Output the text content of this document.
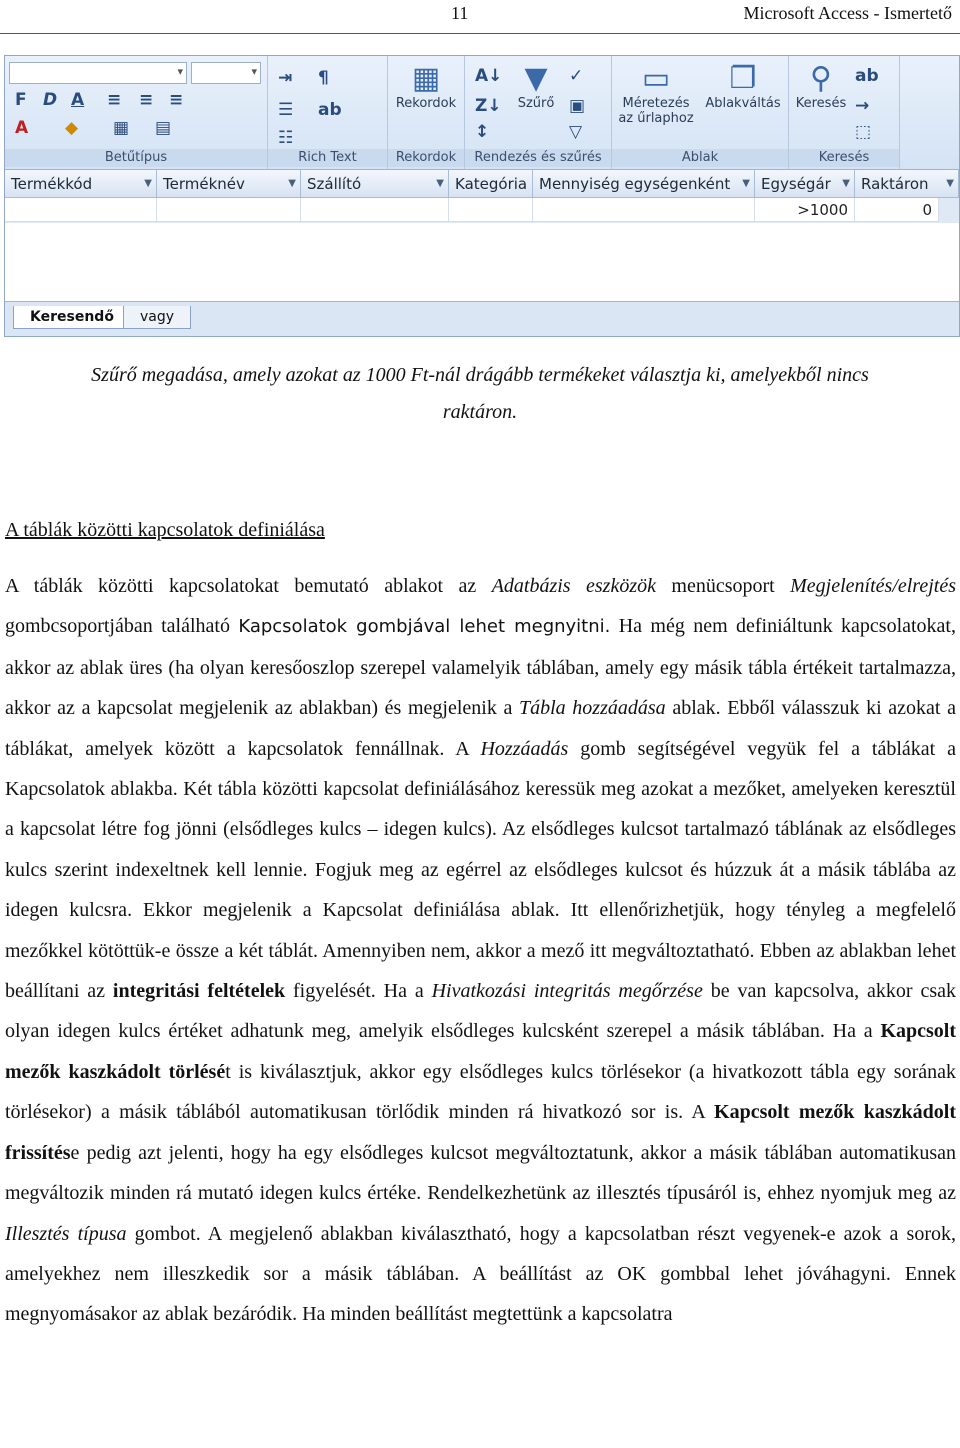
11	Microsoft Access - Ismertető
▾
▾
F D A ≡ ≡ ≡
A ◆ ▦ ▤
Betűtípus
⇥ ¶
☰ ab
☷
Rich Text
▦
Rekordok
Rekordok
A↓
Z↓
↕
▼
Szűrő
✓
▣
▽
Rendezés és szűrés
▭
Méretezés az űrlaphoz
❐
Ablakváltás
Ablak
⚲
Keresés
ab
→
⬚
Keresés
Termékkód	▼ Terméknév	▼ Szállító	▼ Kategória Mennyiség egységenként ▼ Egységár ▼ Raktáron ▼
>1000	0
Keresendő	vagy
Szűrő megadása, amely azokat az 1000 Ft-nál drágább termékeket választja ki, amelyekből nincs
raktáron.
A táblák közötti kapcsolatok definiálása

A táblák közötti kapcsolatokat bemutató ablakot az Adatbázis eszközök menücsoport Megjelenítés/elrejtés gombcsoportjában található Kapcsolatok gombjával lehet megnyitni. Ha még nem definiáltunk kapcsolatokat, akkor az ablak üres (ha olyan keresőoszlop szerepel valamelyik táblában, amely egy másik tábla értékeit tartalmazza, akkor az a kapcsolat megjelenik az ablakban) és megjelenik a Tábla hozzáadása ablak. Ebből válasszuk ki azokat a táblákat, amelyek között a kapcsolatok fennállnak. A Hozzáadás gomb segítségével vegyük fel a táblákat a Kapcsolatok ablakba. Két tábla közötti kapcsolat definiálásához keressük meg azokat a mezőket, amelyeken keresztül a kapcsolat létre fog jönni (elsődleges kulcs – idegen kulcs). Az elsődleges kulcsot tartalmazó táblának az elsődleges kulcs szerint indexeltnek kell lennie. Fogjuk meg az egérrel az elsődleges kulcsot és húzzuk át a másik táblába az idegen kulcsra. Ekkor megjelenik a Kapcsolat definiálása ablak. Itt ellenőrizhetjük, hogy tényleg a megfelelő mezőkkel kötöttük-e össze a két táblát. Amennyiben nem, akkor a mező itt megváltoztatható. Ebben az ablakban lehet beállítani az integritási feltételek figyelését. Ha a Hivatkozási integritás megőrzése be van kapcsolva, akkor csak olyan idegen kulcs értéket adhatunk meg, amelyik elsődleges kulcsként szerepel a másik táblában. Ha a Kapcsolt mezők kaszkádolt törlését is kiválasztjuk, akkor egy elsődleges kulcs törlésekor (a hivatkozott tábla egy sorának törlésekor) a másik táblából automatikusan törlődik minden rá hivatkozó sor is. A Kapcsolt mezők kaszkádolt frissítése pedig azt jelenti, hogy ha egy elsődleges kulcsot megváltoztatunk, akkor a másik táblában automatikusan megváltozik minden rá mutató idegen kulcs értéke. Rendelkezhetünk az illesztés típusáról is, ehhez nyomjuk meg az Illesztés típusa gombot. A megjelenő ablakban kiválasztható, hogy a kapcsolatban részt vegyenek-e azok a sorok, amelyekhez nem illeszkedik sor a másik táblában. A beállítást az OK gombbal lehet jóváhagyni. Ennek megnyomásakor az ablak bezáródik. Ha minden beállítást megtettünk a kapcsolatra
